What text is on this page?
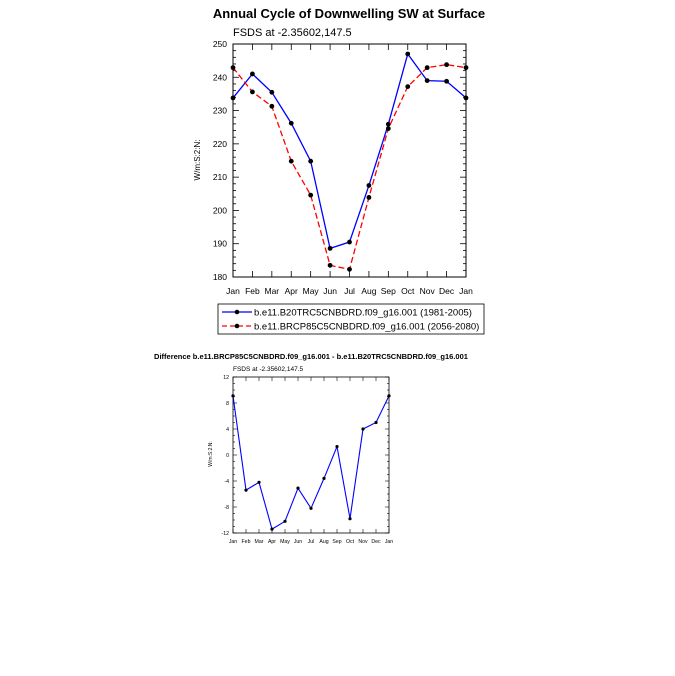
Annual Cycle of Downwelling SW at Surface
FSDS at -2.35602,147.5
W/m:S:2:N:
180
190
200
210
220
230
240
250
Jan Feb Mar Apr May Jun Jul Aug Sep Oct Nov Dec Jan
b.e11.B20TRC5CNBDRD.f09_g16.001 (1981-2005)
b.e11.BRCP85C5CNBDRD.f09_g16.001 (2056-2080)
Difference b.e11.BRCP85C5CNBDRD.f09_g16.001 - b.e11.B20TRC5CNBDRD.f09_g16.001
FSDS at -2.35602,147.5
W/m:S:2:N:
-12
-8
-4
0
4
8
12
Jan Feb Mar Apr May Jun Jul Aug Sep Oct Nov Dec Jan
